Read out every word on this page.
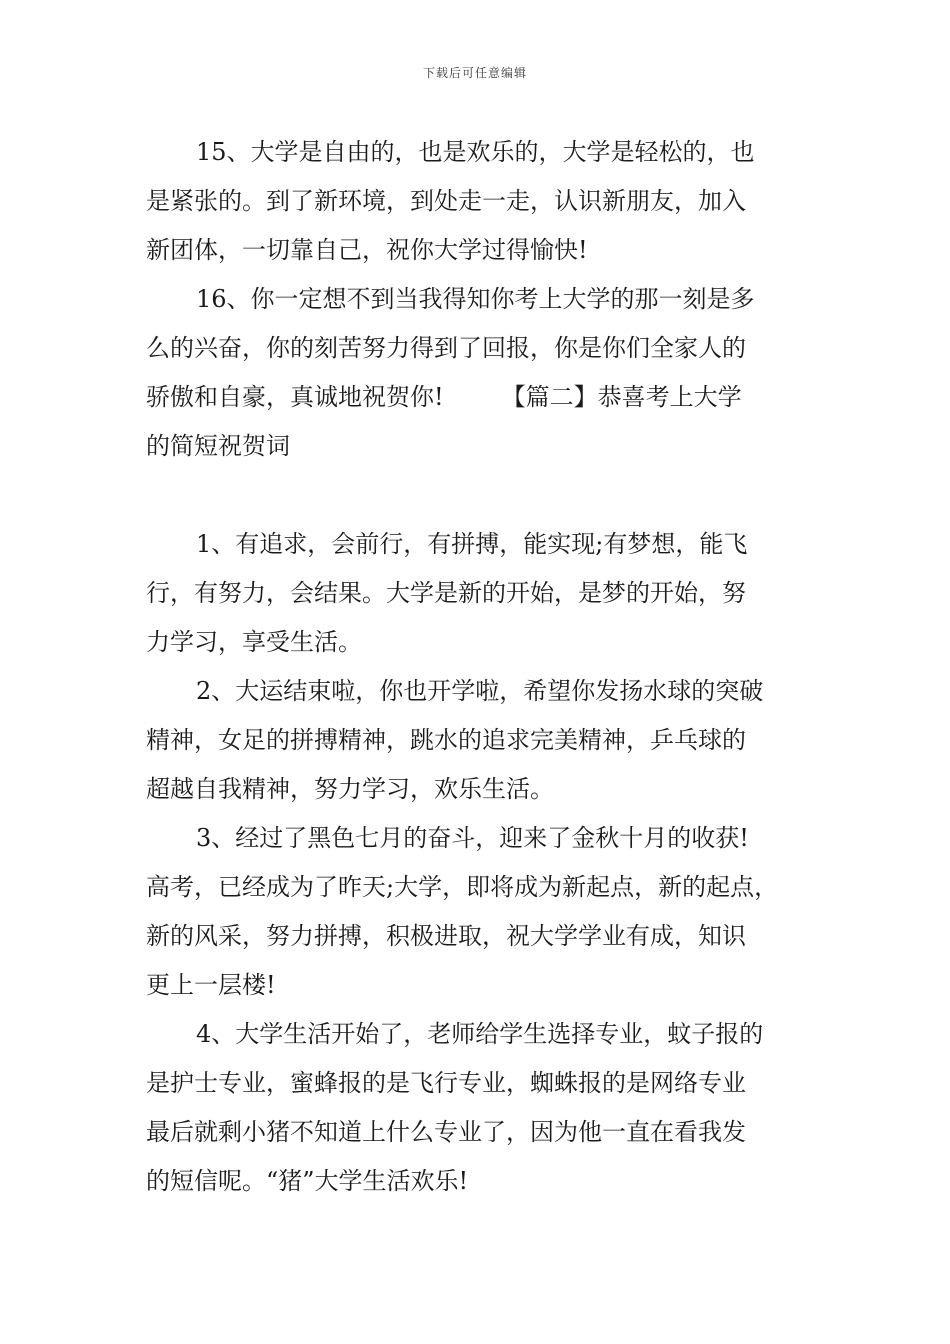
下载后可任意编辑
15、大学是自由的，也是欢乐的，大学是轻松的，也
是紧张的。到了新环境，到处走一走，认识新朋友，加入
新团体，一切靠自己，祝你大学过得愉快!
16、你一定想不到当我得知你考上大学的那一刻是多
么的兴奋，你的刻苦努力得到了回报，你是你们全家人的
骄傲和自豪，真诚地祝贺你! 【篇二】恭喜考上大学
的简短祝贺词
1、有追求，会前行，有拼搏，能实现;有梦想，能飞
行，有努力，会结果。大学是新的开始，是梦的开始，努
力学习，享受生活。
2、大运结束啦，你也开学啦，希望你发扬水球的突破
精神，女足的拼搏精神，跳水的追求完美精神，乒乓球的
超越自我精神，努力学习，欢乐生活。
3、经过了黑色七月的奋斗，迎来了金秋十月的收获!
高考，已经成为了昨天;大学，即将成为新起点，新的起点，
新的风采，努力拼搏，积极进取，祝大学学业有成，知识
更上一层楼!
4、大学生活开始了，老师给学生选择专业，蚊子报的
是护士专业，蜜蜂报的是飞行专业，蜘蛛报的是网络专业
最后就剩小猪不知道上什么专业了，因为他一直在看我发
的短信呢。“猪”大学生活欢乐!
